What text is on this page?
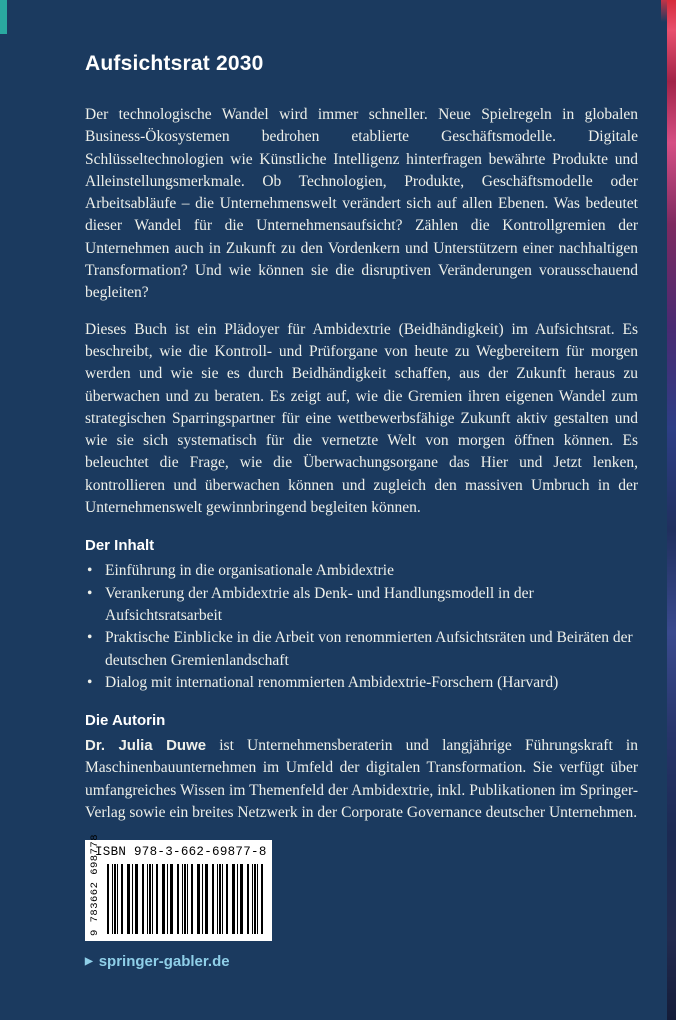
Aufsichtsrat 2030

Der technologische Wandel wird immer schneller. Neue Spielregeln in globalen Business-Ökosystemen bedrohen etablierte Geschäftsmodelle. Digitale Schlüsseltechnologien wie Künstliche Intelligenz hinterfragen bewährte Produkte und Alleinstellungsmerkmale. Ob Technologien, Produkte, Geschäftsmodelle oder Arbeitsabläufe – die Unternehmenswelt verändert sich auf allen Ebenen. Was bedeutet dieser Wandel für die Unternehmensaufsicht? Zählen die Kontrollgremien der Unternehmen auch in Zukunft zu den Vordenkern und Unterstützern einer nachhaltigen Transformation? Und wie können sie die disruptiven Veränderungen vorausschauend begleiten?

Dieses Buch ist ein Plädoyer für Ambidextrie (Beidhändigkeit) im Aufsichtsrat. Es beschreibt, wie die Kontroll- und Prüforgane von heute zu Wegbereitern für morgen werden und wie sie es durch Beidhändigkeit schaffen, aus der Zukunft heraus zu überwachen und zu beraten. Es zeigt auf, wie die Gremien ihren eigenen Wandel zum strategischen Sparringspartner für eine wettbewerbsfähige Zukunft aktiv gestalten und wie sie sich systematisch für die vernetzte Welt von morgen öffnen können. Es beleuchtet die Frage, wie die Überwachungsorgane das Hier und Jetzt lenken, kontrollieren und überwachen können und zugleich den massiven Umbruch in der Unternehmenswelt gewinnbringend begleiten können.

Der Inhalt
• Einführung in die organisationale Ambidextrie
• Verankerung der Ambidextrie als Denk- und Handlungsmodell in der Aufsichtsratsarbeit
• Praktische Einblicke in die Arbeit von renommierten Aufsichtsräten und Beiräten der deutschen Gremienlandschaft
• Dialog mit international renommierten Ambidextrie-Forschern (Harvard)
Die Autorin

Dr. Julia Duwe ist Unternehmensberaterin und langjährige Führungskraft in Maschinenbauunternehmen im Umfeld der digitalen Transformation. Sie verfügt über umfangreiches Wissen im Themenfeld der Ambidextrie, inkl. Publikationen im Springer-Verlag sowie ein breites Netzwerk in der Corporate Governance deutscher Unternehmen.

ISBN 978-3-662-69877-8
9 783662 698778
▶ springer-gabler.de
